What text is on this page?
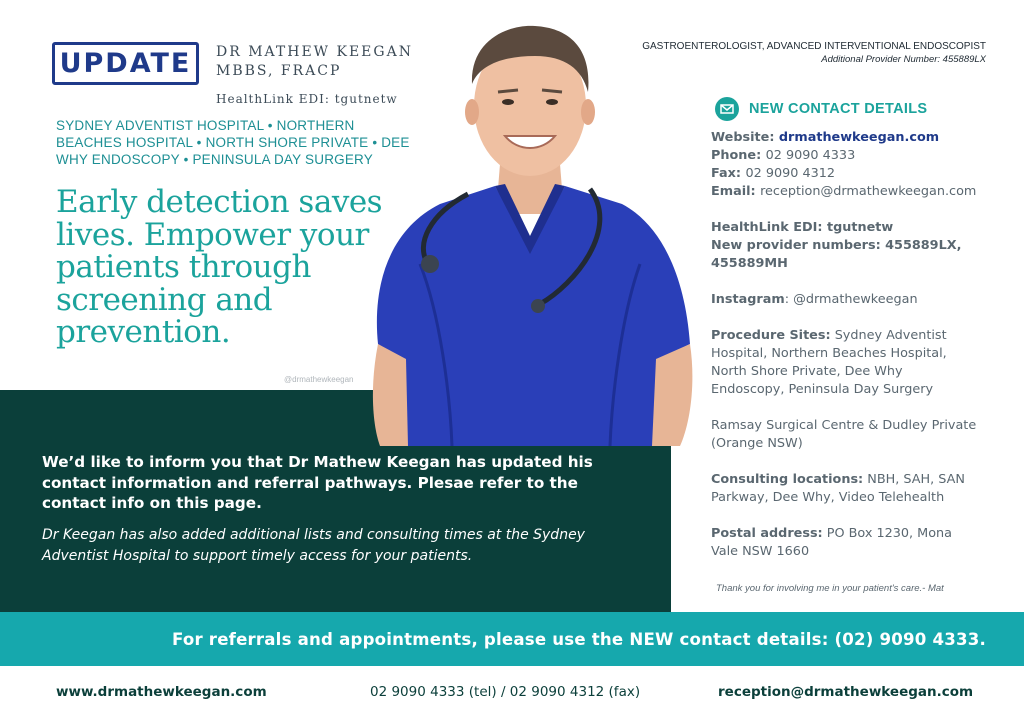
UPDATE DR MATHEW KEEGAN
MBBS, FRACP
HealthLink EDI: tgutnetw
SYDNEY ADVENTIST HOSPITAL • NORTHERN BEACHES HOSPITAL • NORTH SHORE PRIVATE • DEE WHY ENDOSCOPY • PENINSULA DAY SURGERY
Early detection saves lives. Empower your patients through screening and prevention.
GASTROENTEROLOGIST, ADVANCED INTERVENTIONAL ENDOSCOPIST
Additional Provider Number: 455889LX
@drmathewkeegan
NEW CONTACT DETAILS
Website: drmathewkeegan.com
Phone: 02 9090 4333
Fax: 02 9090 4312
Email: reception@drmathewkeegan.com
HealthLink EDI: tgutnetw
New provider numbers: 455889LX,
455889MH
Instagram: @drmathewkeegan
Procedure Sites: Sydney Adventist
Hospital, Northern Beaches Hospital,
North Shore Private, Dee Why
Endoscopy, Peninsula Day Surgery
Ramsay Surgical Centre & Dudley Private
(Orange NSW)
Consulting locations: NBH, SAH, SAN
Parkway, Dee Why, Video Telehealth
Postal address: PO Box 1230, Mona
Vale NSW 1660
Thank you for involving me in your patient's care.- Mat
We’d like to inform you that Dr Mathew Keegan has updated his contact information and referral pathways. Plesae refer to the contact info on this page.
Dr Keegan has also added additional lists and consulting times at the Sydney Adventist Hospital to support timely access for your patients.
For referrals and appointments, please use the NEW contact details: (02) 9090 4333.
www.drmathewkeegan.com	02 9090 4333 (tel) / 02 9090 4312 (fax)	reception@drmathewkeegan.com
